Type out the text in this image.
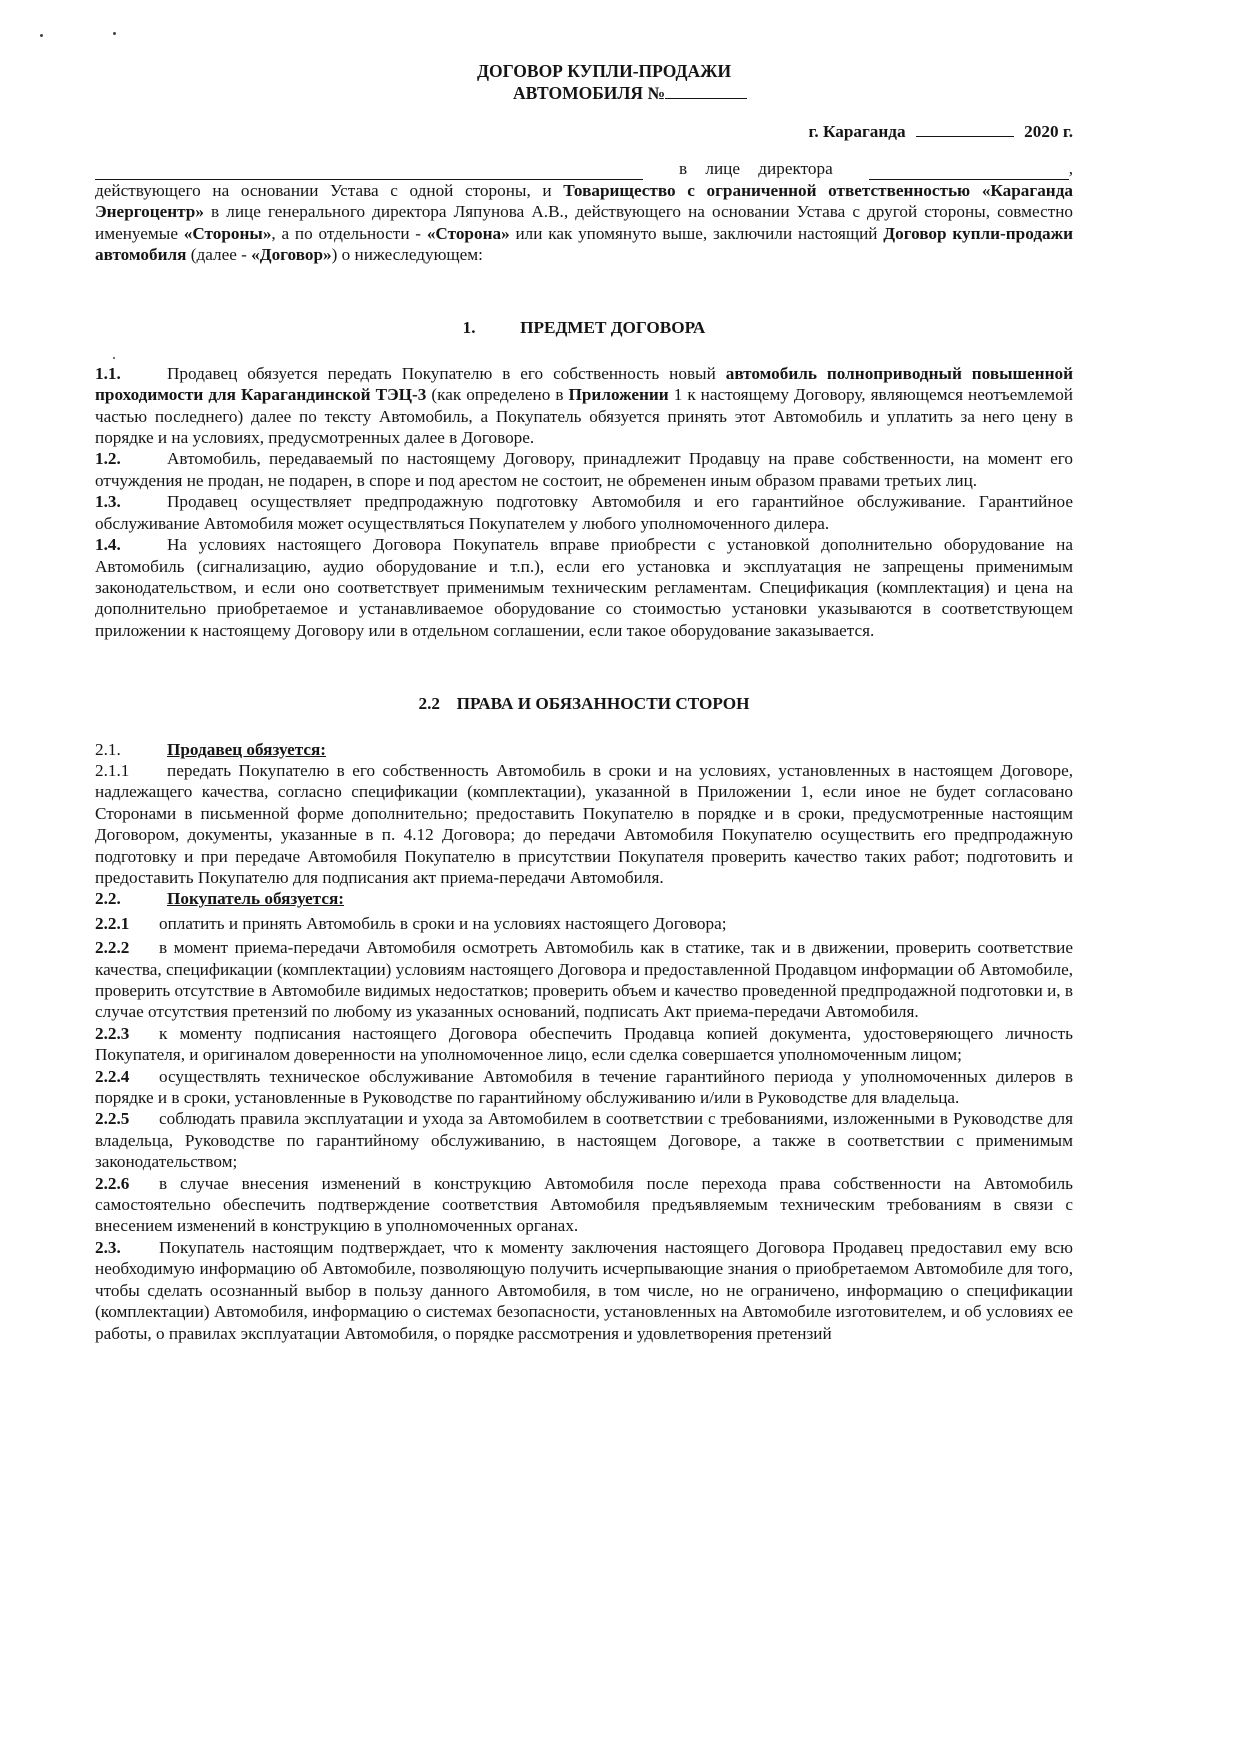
ДОГОВОР КУПЛИ-ПРОДАЖИ
АВТОМОБИЛЯ №
г. Караганда	2020 г.
в лице директора	,

действующего на основании Устава с одной стороны, и Товарищество с ограниченной ответственностью «Караганда Энергоцентр» в лице генерального директора Ляпунова А.В., действующего на основании Устава с другой стороны, совместно именуемые «Стороны», а по отдельности - «Сторона» или как упомянуто выше, заключили настоящий Договор купли-продажи автомобиля (далее - «Договор») о нижеследующем:

1.	ПРЕДМЕТ ДОГОВОРА

1.1.	Продавец обязуется передать Покупателю в его собственность новый автомобиль полноприводный повышенной проходимости для Карагандинской ТЭЦ-3 (как определено в Приложении 1 к настоящему Договору, являющемся неотъемлемой частью последнего) далее по тексту Автомобиль, а Покупатель обязуется принять этот Автомобиль и уплатить за него цену в порядке и на условиях, предусмотренных далее в Договоре.

1.2.	Автомобиль, передаваемый по настоящему Договору, принадлежит Продавцу на праве собственности, на момент его отчуждения не продан, не подарен, в споре и под арестом не состоит, не обременен иным образом правами третьих лиц.

1.3.	Продавец осуществляет предпродажную подготовку Автомобиля и его гарантийное обслуживание. Гарантийное обслуживание Автомобиля может осуществляться Покупателем у любого уполномоченного дилера.

1.4.	На условиях настоящего Договора Покупатель вправе приобрести с установкой дополнительно оборудование на Автомобиль (сигнализацию, аудио оборудование и т.п.), если его установка и эксплуатация не запрещены применимым законодательством, и если оно соответствует применимым техническим регламентам. Спецификация (комплектация) и цена на дополнительно приобретаемое и устанавливаемое оборудование со стоимостью установки указываются в соответствующем приложении к настоящему Договору или в отдельном соглашении, если такое оборудование заказывается.

2.2 ПРАВА И ОБЯЗАННОСТИ СТОРОН

2.1.	Продавец обязуется:

2.1.1 передать Покупателю в его собственность Автомобиль в сроки и на условиях, установленных в настоящем Договоре, надлежащего качества, согласно спецификации (комплектации), указанной в Приложении 1, если иное не будет согласовано Сторонами в письменной форме дополнительно; предоставить Покупателю в порядке и в сроки, предусмотренные настоящим Договором, документы, указанные в п. 4.12 Договора; до передачи Автомобиля Покупателю осуществить его предпродажную подготовку и при передаче Автомобиля Покупателю в присутствии Покупателя проверить качество таких работ; подготовить и предоставить Покупателю для подписания акт приема-передачи Автомобиля.

2.2.	Покупатель обязуется:

2.2.1 оплатить и принять Автомобиль в сроки и на условиях настоящего Договора;

2.2.2 в момент приема-передачи Автомобиля осмотреть Автомобиль как в статике, так и в движении, проверить соответствие качества, спецификации (комплектации) условиям настоящего Договора и предоставленной Продавцом информации об Автомобиле, проверить отсутствие в Автомобиле видимых недостатков; проверить объем и качество проведенной предпродажной подготовки и, в случае отсутствия претензий по любому из указанных оснований, подписать Акт приема-передачи Автомобиля.

2.2.3 к моменту подписания настоящего Договора обеспечить Продавца копией документа, удостоверяющего личность Покупателя, и оригиналом доверенности на уполномоченное лицо, если сделка совершается уполномоченным лицом;

2.2.4 осуществлять техническое обслуживание Автомобиля в течение гарантийного периода у уполномоченных дилеров в порядке и в сроки, установленные в Руководстве по гарантийному обслуживанию и/или в Руководстве для владельца.

2.2.5 соблюдать правила эксплуатации и ухода за Автомобилем в соответствии с требованиями, изложенными в Руководстве для владельца, Руководстве по гарантийному обслуживанию, в настоящем Договоре, а также в соответствии с применимым законодательством;

2.2.6 в случае внесения изменений в конструкцию Автомобиля после перехода права собственности на Автомобиль самостоятельно обеспечить подтверждение соответствия Автомобиля предъявляемым техническим требованиям в связи с внесением изменений в конструкцию в уполномоченных органах.

2.3. Покупатель настоящим подтверждает, что к моменту заключения настоящего Договора Продавец предоставил ему всю необходимую информацию об Автомобиле, позволяющую получить исчерпывающие знания о приобретаемом Автомобиле для того, чтобы сделать осознанный выбор в пользу данного Автомобиля, в том числе, но не ограничено, информацию о спецификации (комплектации) Автомобиля, информацию о системах безопасности, установленных на Автомобиле изготовителем, и об условиях ее работы, о правилах эксплуатации Автомобиля, о порядке рассмотрения и удовлетворения претензий
